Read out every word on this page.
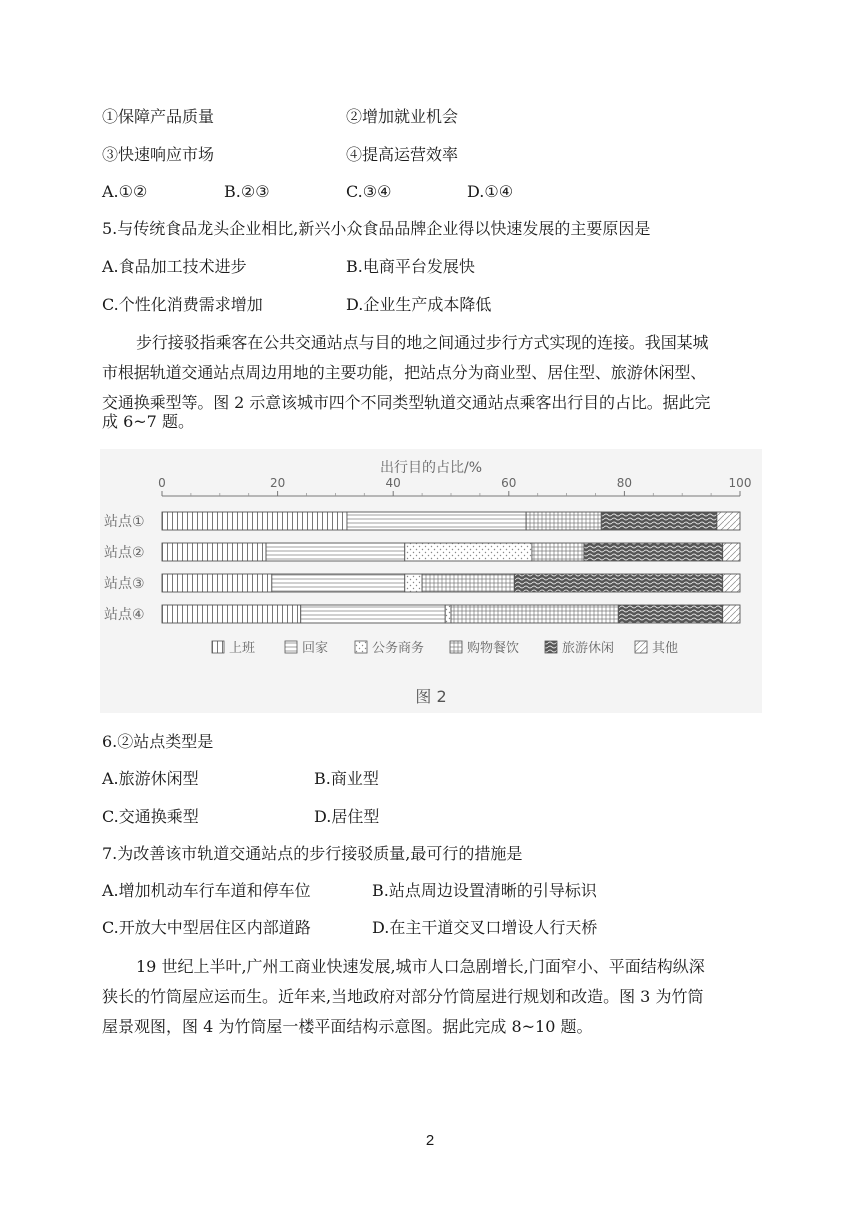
①保障产品质量	②增加就业机会
③快速响应市场	④提高运营效率
A.①②	B.②③	C.③④	D.①④
5.与传统食品龙头企业相比,新兴小众食品品牌企业得以快速发展的主要原因是
A.食品加工技术进步	B.电商平台发展快
C.个性化消费需求增加	D.企业生产成本降低
步行接驳指乘客在公共交通站点与目的地之间通过步行方式实现的连接。我国某城
市根据轨道交通站点周边用地的主要功能，把站点分为商业型、居住型、旅游休闲型、
交通换乘型等。图 2 示意该城市四个不同类型轨道交通站点乘客出行目的占比。据此完
成 6~7 题。
出行目的占比/%
0	20	40	60	80	100
站点①
站点②
站点③
站点④
上班	回家	公务商务	购物餐饮	旅游休闲	其他
图 2
6.②站点类型是
A.旅游休闲型	B.商业型
C.交通换乘型	D.居住型
7.为改善该市轨道交通站点的步行接驳质量,最可行的措施是
A.增加机动车行车道和停车位	B.站点周边设置清晰的引导标识
C.开放大中型居住区内部道路	D.在主干道交叉口增设人行天桥
19 世纪上半叶,广州工商业快速发展,城市人口急剧增长,门面窄小、平面结构纵深
狭长的竹筒屋应运而生。近年来,当地政府对部分竹筒屋进行规划和改造。图 3 为竹筒
屋景观图，图 4 为竹筒屋一楼平面结构示意图。据此完成 8~10 题。
2
